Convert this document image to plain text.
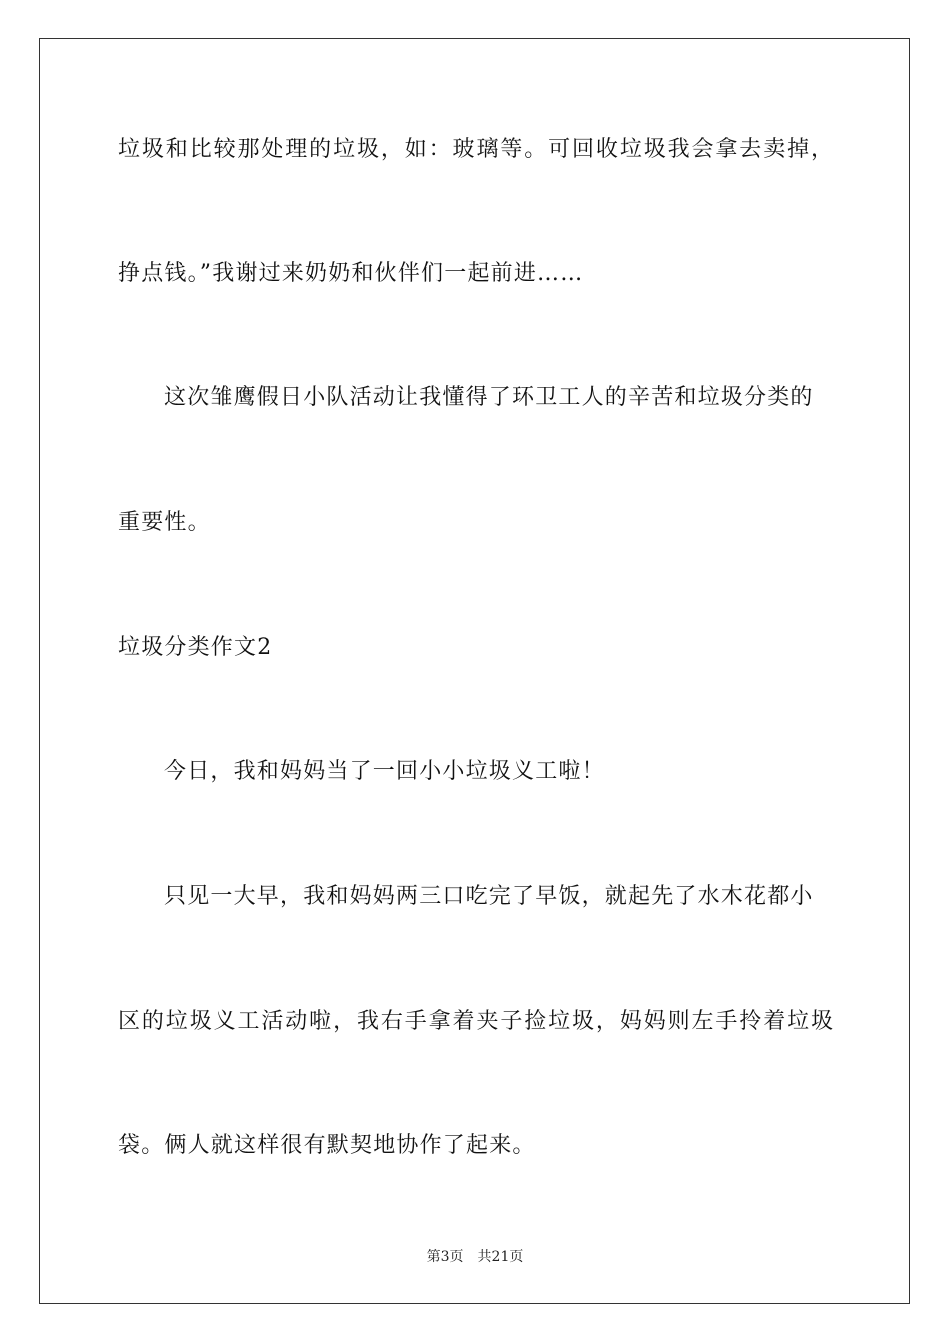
垃圾和比较那处理的垃圾，如：玻璃等。可回收垃圾我会拿去卖掉，
挣点钱。”我谢过来奶奶和伙伴们一起前进……
这次雏鹰假日小队活动让我懂得了环卫工人的辛苦和垃圾分类的
重要性。
垃圾分类作文2
今日，我和妈妈当了一回小小垃圾义工啦！
只见一大早，我和妈妈两三口吃完了早饭，就起先了水木花都小
区的垃圾义工活动啦，我右手拿着夹子捡垃圾，妈妈则左手拎着垃圾
袋。俩人就这样很有默契地协作了起来。
第3页 共21页
